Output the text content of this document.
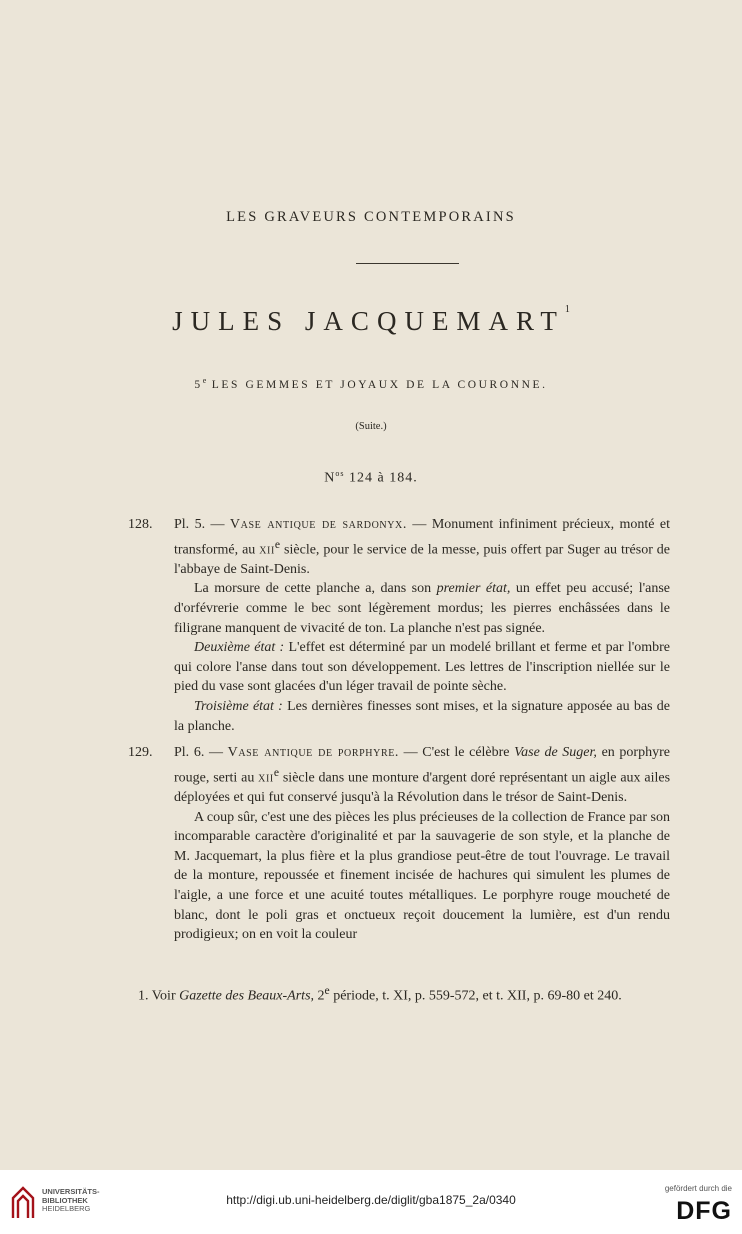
LES GRAVEURS CONTEMPORAINS
JULES JACQUEMART$^1$
5e LES GEMMES ET JOYAUX DE LA COURONNE.
(Suite.)
$N^{os}$ 124 à 184.

128. Pl. 5. — Vase antique de sardonyx. — Monument infiniment précieux, monté et transformé, au xii$^e$ siècle, pour le service de la messe, puis offert par Suger au trésor de l'abbaye de Saint-Denis.

La morsure de cette planche a, dans son premier état, un effet peu accusé; l'anse d'orfévrerie comme le bec sont légèrement mordus; les pierres enchâssées dans le filigrane manquent de vivacité de ton. La planche n'est pas signée.

Deuxième état : L'effet est déterminé par un modelé brillant et ferme et par l'ombre qui colore l'anse dans tout son développement. Les lettres de l'inscription niellée sur le pied du vase sont glacées d'un léger travail de pointe sèche.

Troisième état : Les dernières finesses sont mises, et la signature apposée au bas de la planche.

129. Pl. 6. — Vase antique de porphyre. — C'est le célèbre Vase de Suger, en porphyre rouge, serti au xii$^e$ siècle dans une monture d'argent doré représentant un aigle aux ailes déployées et qui fut conservé jusqu'à la Révolution dans le trésor de Saint-Denis.

A coup sûr, c'est une des pièces les plus précieuses de la collection de France par son incomparable caractère d'originalité et par la sauvagerie de son style, et la planche de M. Jacquemart, la plus fière et la plus grandiose peut-être de tout l'ouvrage. Le travail de la monture, repoussée et finement incisée de hachures qui simulent les plumes de l'aigle, a une force et une acuité toutes métalliques. Le porphyre rouge moucheté de blanc, dont le poli gras et onctueux reçoit doucement la lumière, est d'un rendu prodigieux; on en voit la couleur

1. Voir Gazette des Beaux-Arts, 2e période, t. XI, p. 559-572, et t. XII, p. 69-80 et 240.

UNIVERSITÄTS-
BIBLIOTHEK
HEIDELBERG
http://digi.ub.uni-heidelberg.de/diglit/gba1875_2a/0340
gefördert durch die
DFG
